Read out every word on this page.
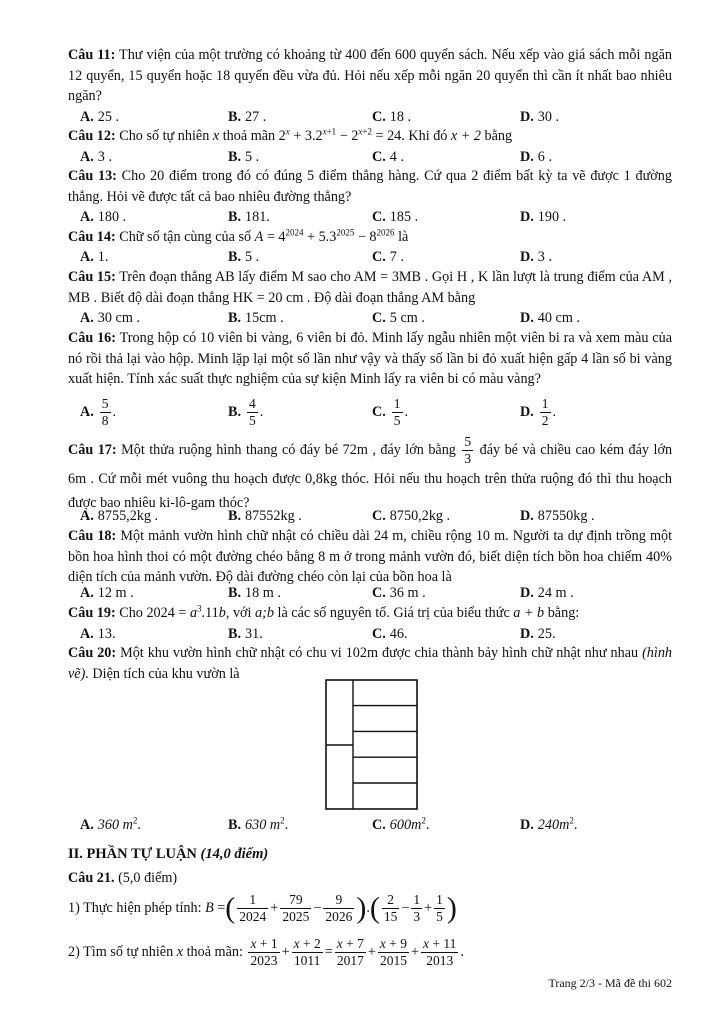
Câu 11: Thư viện của một trường có khoảng từ 400 đến 600 quyển sách. Nếu xếp vào giá sách mỗi ngăn 12 quyển, 15 quyển hoặc 18 quyển đều vừa đủ. Hỏi nếu xếp mỗi ngăn 20 quyển thì cần ít nhất bao nhiêu ngăn?

A. 25 .	B. 27 .	C. 18 .	D. 30 .

Câu 12: Cho số tự nhiên x thoả mãn $2^x + 3.2^{x+1} - 2^{x+2} = 24$. Khi đó x + 2 bằng

A. 3 .	B. 5 .	C. 4 .	D. 6 .

Câu 13: Cho 20 điểm trong đó có đúng 5 điểm thẳng hàng. Cứ qua 2 điểm bất kỳ ta vẽ được 1 đường thẳng. Hỏi vẽ được tất cả bao nhiêu đường thẳng?

A. 180 .	B. 181.	C. 185 .	D. 190 .

Câu 14: Chữ số tận cùng của số $A = 4^{2024} + 5.3^{2025} - 8^{2026}$ là

A. 1.	B. 5 .	C. 7 .	D. 3 .

Câu 15: Trên đoạn thẳng AB lấy điểm M sao cho AM = 3MB . Gọi H , K lần lượt là trung điểm của AM , MB . Biết độ dài đoạn thẳng HK = 20 cm . Độ dài đoạn thẳng AM bằng

A. 30 cm .	B. 15cm .	C. 5 cm .	D. 40 cm .

Câu 16: Trong hộp có 10 viên bi vàng, 6 viên bi đỏ. Minh lấy ngẫu nhiên một viên bi ra và xem màu của nó rồi thả lại vào hộp. Minh lặp lại một số lần như vậy và thấy số lần bi đỏ xuất hiện gấp 4 lần số bi vàng xuất hiện. Tính xác suất thực nghiệm của sự kiện Minh lấy ra viên bi có màu vàng?

A. $\frac{5}{8}$ .	B. $\frac{4}{5}$ .	C. $\frac{1}{5}$ .	D. $\frac{1}{2}$ .

Câu 17: Một thửa ruộng hình thang có đáy bé 72m , đáy lớn bằng $\frac{5}{3}$ đáy bé và chiều cao kém đáy lớn 6m . Cứ mỗi mét vuông thu hoạch được 0,8kg thóc. Hỏi nếu thu hoạch trên thửa ruộng đó thì thu hoạch được bao nhiêu ki-lô-gam thóc?

A. 8755,2kg .	B. 87552kg .	C. 8750,2kg .	D. 87550kg .

Câu 18: Một mảnh vườn hình chữ nhật có chiều dài 24 m, chiều rộng 10 m. Người ta dự định trồng một bồn hoa hình thoi có một đường chéo bằng 8 m ở trong mảnh vườn đó, biết diện tích bồn hoa chiếm 40% diện tích của mảnh vườn. Độ dài đường chéo còn lại của bồn hoa là

A. 12 m .	B. 18 m .	C. 36 m .	D. 24 m .

Câu 19: Cho $2024 = a^3.11b$, với a;b là các số nguyên tố. Giá trị của biểu thức a + b bằng:

A. 13.	B. 31.	C. 46.	D. 25.

Câu 20: Một khu vườn hình chữ nhật có chu vi 102m được chia thành bảy hình chữ nhật như nhau (hình vẽ). Diện tích của khu vườn là

A. 360 $m^2$.	B. 630 $m^2$.	C. $600m^2$.	D. $240m^2$.
II. PHẦN TỰ LUẬN (14,0 điểm)
Câu 21. (5,0 điểm)
1) Thực hiện phép tính: B =( $\frac{1}{2024} + \frac{79}{2025} - \frac{9}{2026}$ ).( $\frac{2}{15} - \frac{1}{3} + \frac{1}{5}$ )
2) Tìm số tự nhiên x thoả mãn: $\frac{x + 1}{2023} + \frac{x + 2}{1011} = \frac{x + 7}{2017} + \frac{x + 9}{2015} + \frac{x + 11}{2013}$ .
Trang 2/3 - Mã đề thi 602
